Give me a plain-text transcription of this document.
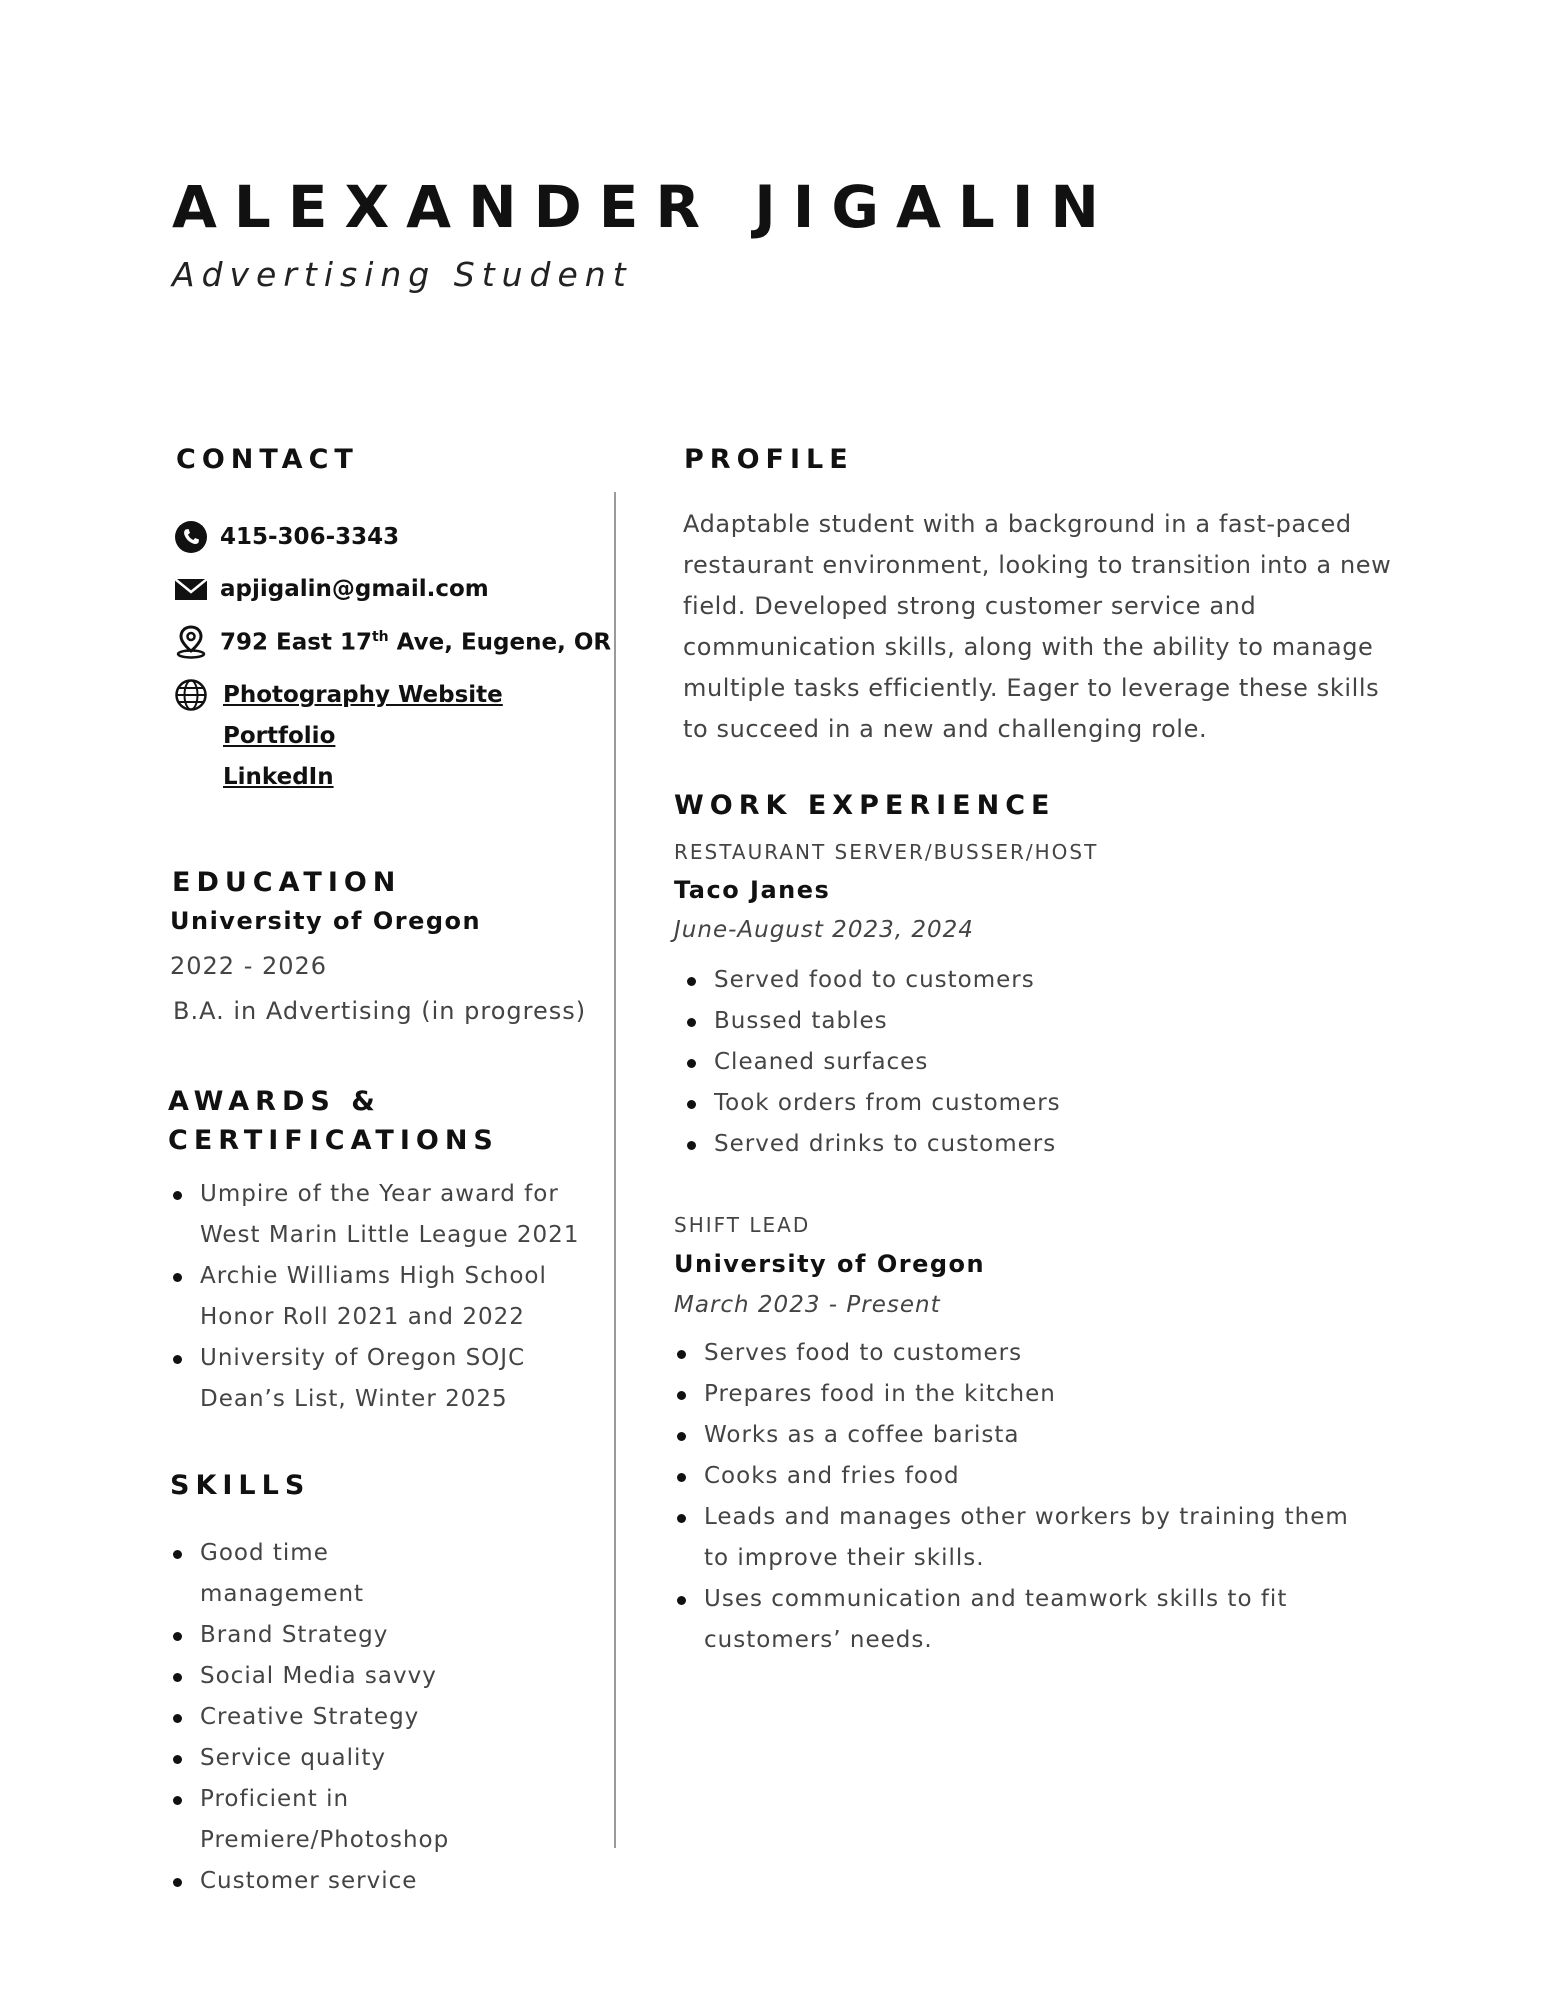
ALEXANDER JIGALIN
Advertising Student
CONTACT
415-306-3343
apjigalin@gmail.com
792 East 17th Ave, Eugene, OR
Photography Website
Portfolio
LinkedIn
EDUCATION

University of Oregon

2022 - 2026

B.A. in Advertising (in progress)

AWARDS &
CERTIFICATIONS
Umpire of the Year award for West Marin Little League 2021
Archie Williams High School Honor Roll 2021 and 2022
University of Oregon SOJC Dean’s List, Winter 2025
SKILLS
Good time management
Brand Strategy
Social Media savvy
Creative Strategy
Service quality
Proficient in Premiere/Photoshop
Customer service
PROFILE

Adaptable student with a background in a fast-paced restaurant environment, looking to transition into a new field. Developed strong customer service and communication skills, along with the ability to manage multiple tasks efficiently. Eager to leverage these skills to succeed in a new and challenging role.

WORK EXPERIENCE

RESTAURANT SERVER/BUSSER/HOST

Taco Janes

June-August 2023, 2024

Served food to customers
Bussed tables
Cleaned surfaces
Took orders from customers
Served drinks to customers

SHIFT LEAD

University of Oregon

March 2023 - Present

Serves food to customers
Prepares food in the kitchen
Works as a coffee barista
Cooks and fries food
Leads and manages other workers by training them to improve their skills.
Uses communication and teamwork skills to fit customers’ needs.
